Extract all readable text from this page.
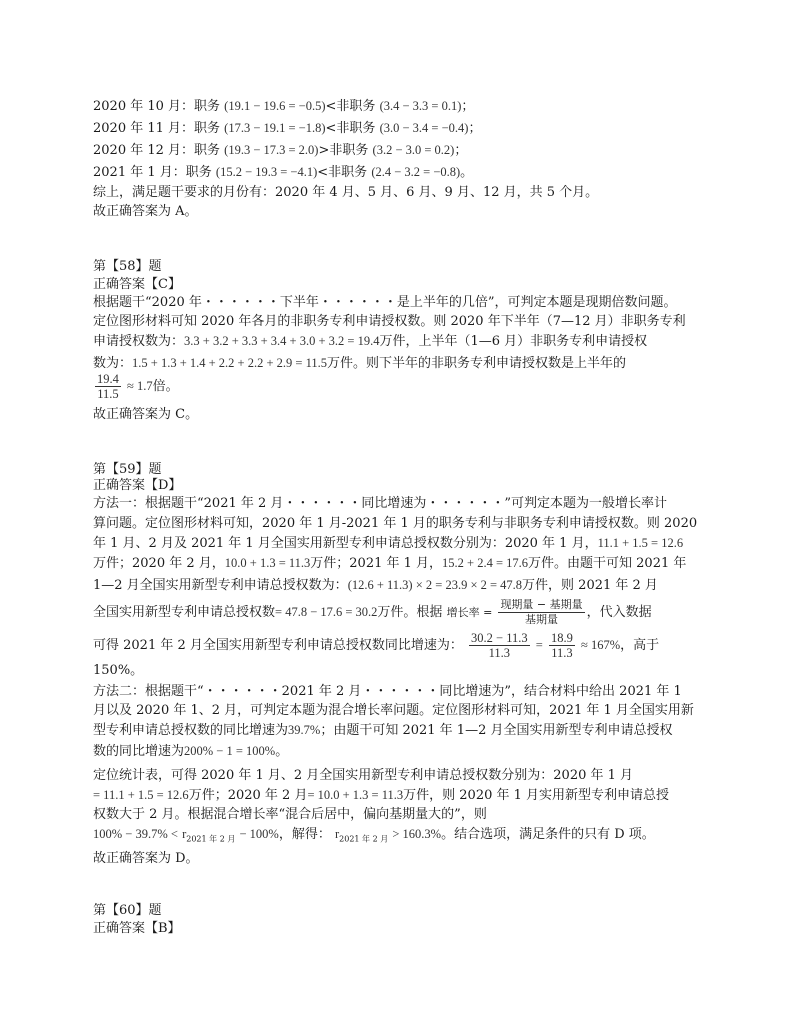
2020 年 10 月：职务 (19.1 − 19.6 = −0.5)<非职务 (3.4 − 3.3 = 0.1)；
2020 年 11 月：职务 (17.3 − 19.1 = −1.8)<非职务 (3.0 − 3.4 = −0.4)；
2020 年 12 月：职务 (19.3 − 17.3 = 2.0)>非职务 (3.2 − 3.0 = 0.2)；
2021 年 1 月：职务 (15.2 − 19.3 = −4.1)<非职务 (2.4 − 3.2 = −0.8)。
综上，满足题干要求的月份有：2020 年 4 月、5 月、6 月、9 月、12 月，共 5 个月。
故正确答案为 A。
第【58】题
正确答案【C】
根据题干“2020 年・・・・・・下半年・・・・・・是上半年的几倍”，可判定本题是现期倍数问题。
定位图形材料可知 2020 年各月的非职务专利申请授权数。则 2020 年下半年（7—12 月）非职务专利
申请授权数为：3.3 + 3.2 + 3.3 + 3.4 + 3.0 + 3.2 = 19.4万件，上半年（1—6 月）非职务专利申请授权
数为：1.5 + 1.3 + 1.4 + 2.2 + 2.2 + 2.9 = 11.5万件。则下半年的非职务专利申请授权数是上半年的
$\frac{19.4}{11.5} \approx 1.7$倍。
故正确答案为 C。
第【59】题
正确答案【D】
方法一：根据题干“2021 年 2 月・・・・・・同比增速为・・・・・・”可判定本题为一般增长率计
算问题。定位图形材料可知，2020 年 1 月-2021 年 1 月的职务专利与非职务专利申请授权数。则 2020
年 1 月、2 月及 2021 年 1 月全国实用新型专利申请总授权数分别为：2020 年 1 月，11.1 + 1.5 = 12.6
万件；2020 年 2 月，10.0 + 1.3 = 11.3万件；2021 年 1 月，15.2 + 2.4 = 17.6万件。由题干可知 2021 年
1—2 月全国实用新型专利申请总授权数为：(12.6 + 11.3) × 2 = 23.9 × 2 = 47.8万件，则 2021 年 2 月
全国实用新型专利申请总授权数= 47.8 − 17.6 = 30.2万件。根据 增长率 = $\frac{\text{现期量 − 基期量}}{\text{基期量}}$ ，代入数据
可得 2021 年 2 月全国实用新型专利申请总授权数同比增速为： $\frac{30.2 - 11.3}{11.3} = \frac{18.9}{11.3} \approx 167\%$，高于
150%。
方法二：根据题干“・・・・・・2021 年 2 月・・・・・・同比增速为”，结合材料中给出 2021 年 1
月以及 2020 年 1、2 月，可判定本题为混合增长率问题。定位图形材料可知，2021 年 1 月全国实用新
型专利申请总授权数的同比增速为39.7%；由题干可知 2021 年 1—2 月全国实用新型专利申请总授权
数的同比增速为200% − 1 = 100%。
定位统计表，可得 2020 年 1 月、2 月全国实用新型专利申请总授权数分别为：2020 年 1 月
= 11.1 + 1.5 = 12.6万件；2020 年 2 月= 10.0 + 1.3 = 11.3万件，则 2020 年 1 月实用新型专利申请总授
权数大于 2 月。根据混合增长率“混合后居中，偏向基期量大的”，则
$100\% - 39.7\% < r_{2021 年 2 月} - 100\%$，解得： $r_{2021 年 2 月} > 160.3\%$。结合选项，满足条件的只有 D 项。
故正确答案为 D。
第【60】题
正确答案【B】
